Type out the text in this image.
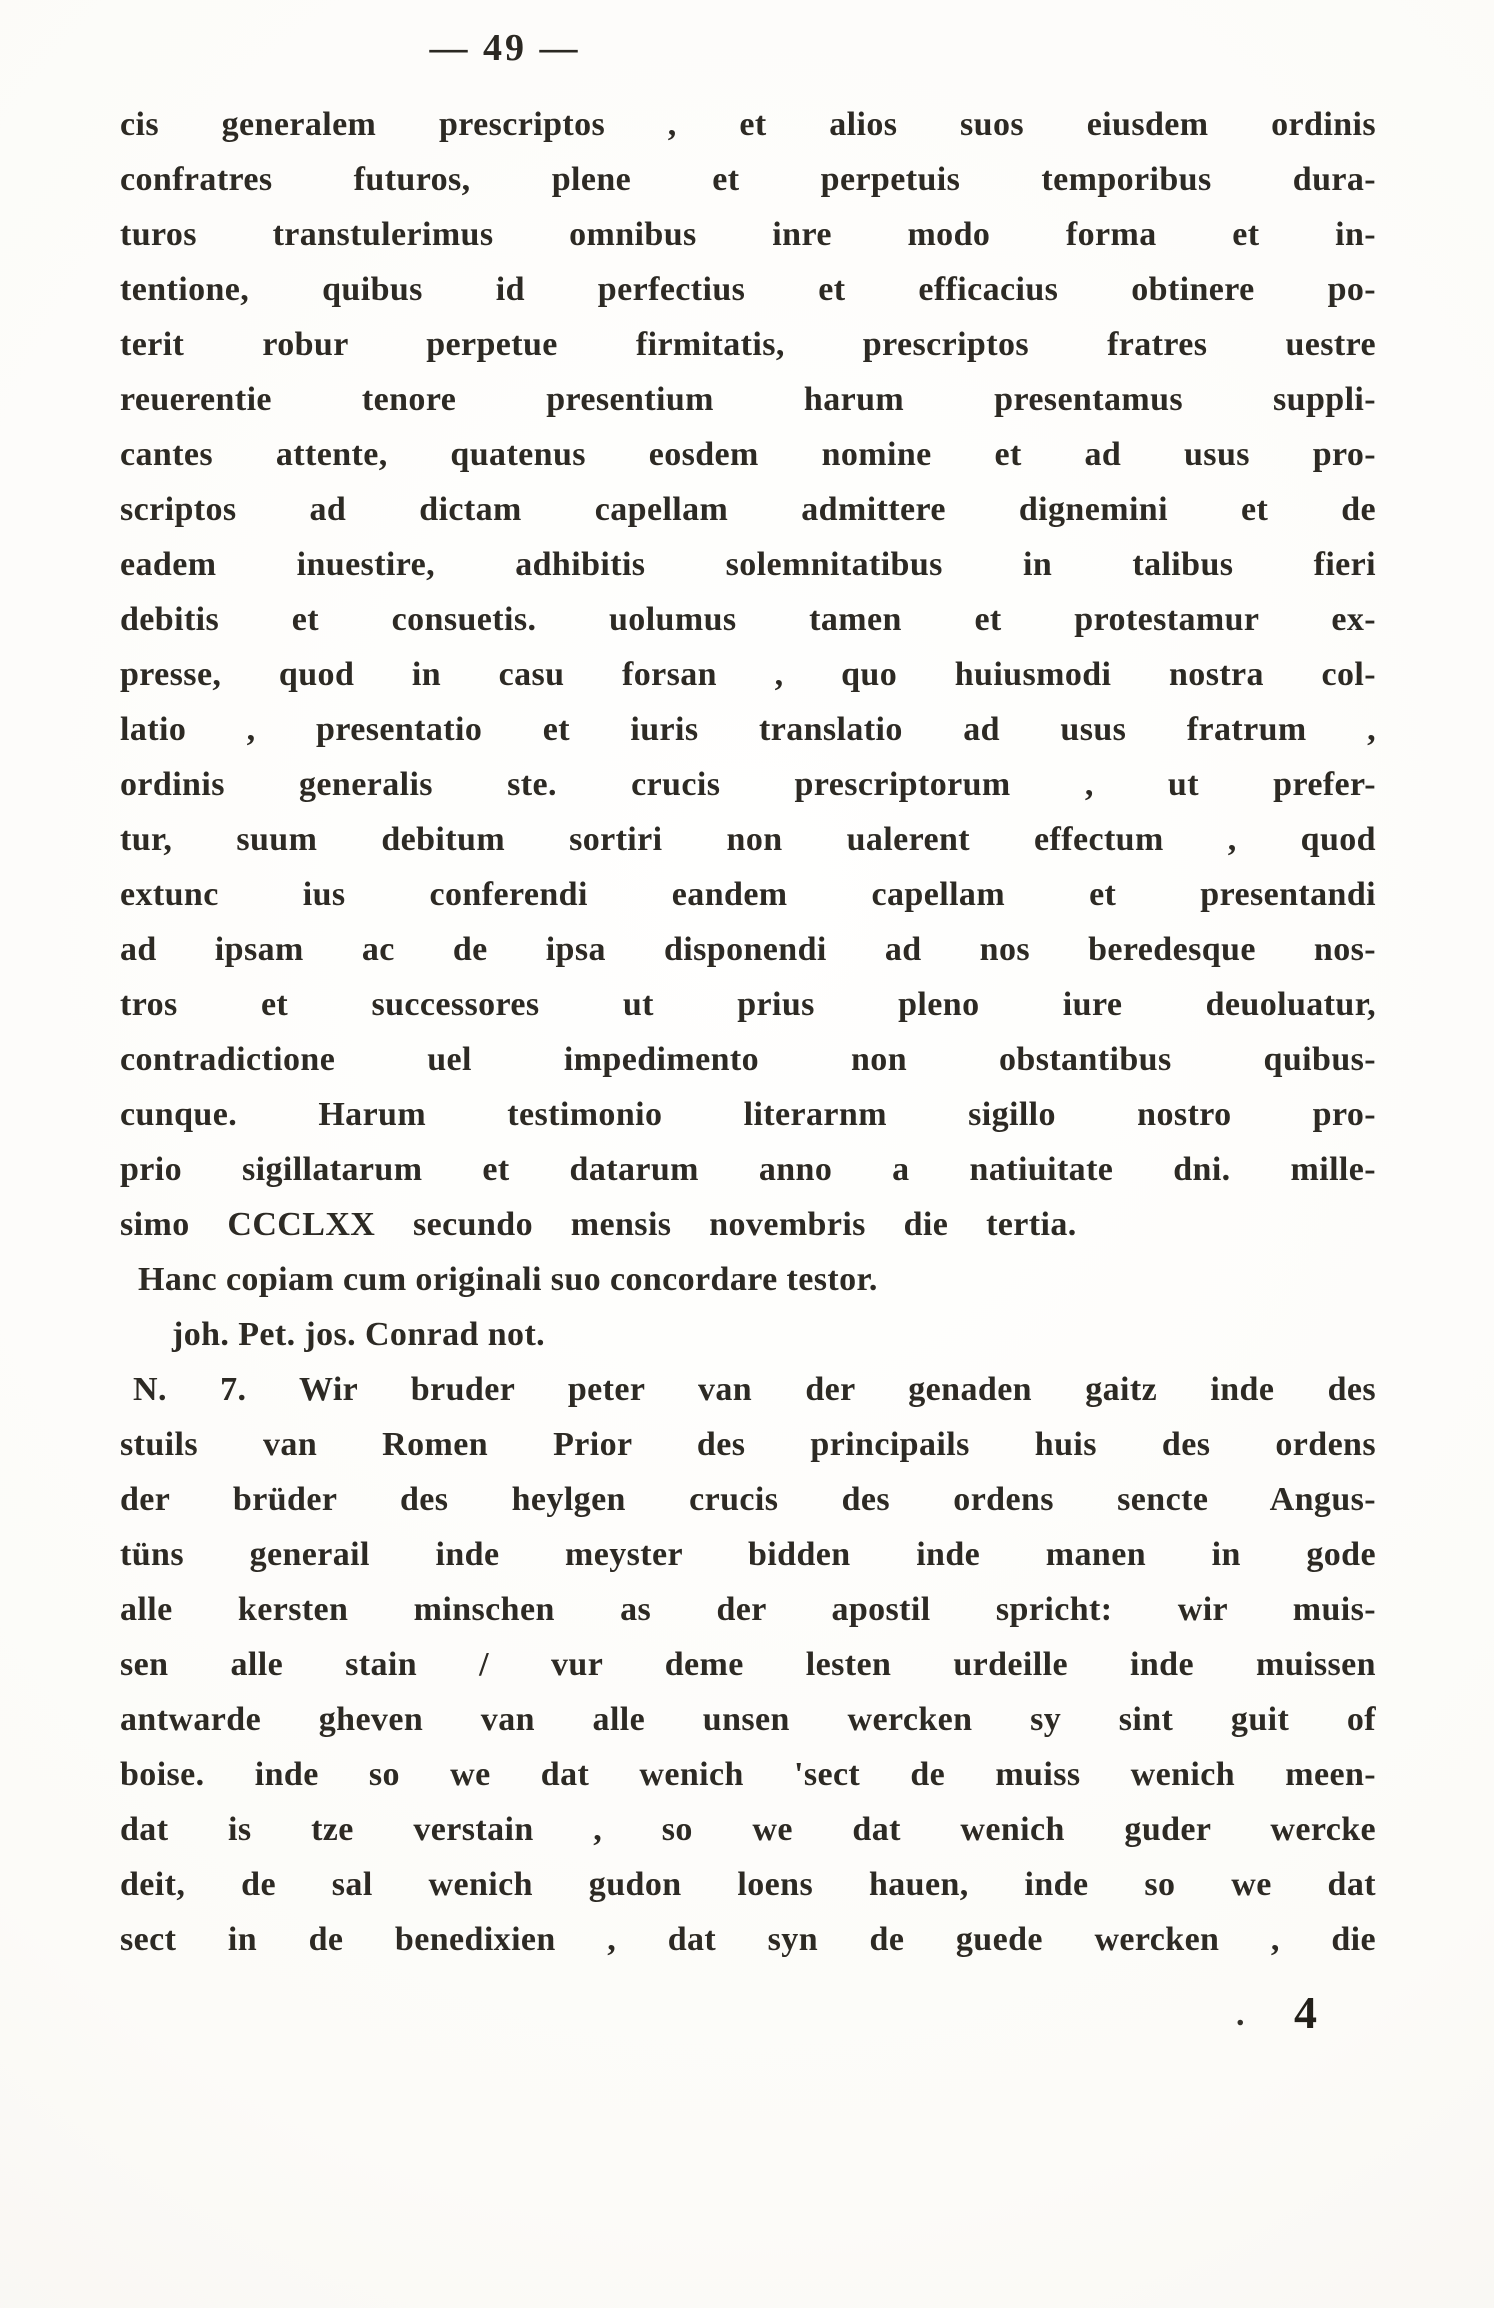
— 49 —
cis generalem prescriptos , et alios suos eiusdem ordinis
confratres futuros, plene et perpetuis temporibus dura-
turos transtulerimus omnibus inre modo forma et in-
tentione, quibus id perfectius et efficacius obtinere po-
terit robur perpetue firmitatis, prescriptos fratres uestre
reuerentie tenore presentium harum presentamus suppli-
cantes attente, quatenus eosdem nomine et ad usus pro-
scriptos ad dictam capellam admittere dignemini et de
eadem inuestire, adhibitis solemnitatibus in talibus fieri
debitis et consuetis. uolumus tamen et protestamur ex-
presse, quod in casu forsan , quo huiusmodi nostra col-
latio , presentatio et iuris translatio ad usus fratrum ,
ordinis generalis ste. crucis prescriptorum , ut prefer-
tur, suum debitum sortiri non ualerent effectum , quod
extunc ius conferendi eandem capellam et presentandi
ad ipsam ac de ipsa disponendi ad nos beredesque nos-
tros et successores ut prius pleno iure deuoluatur,
contradictione uel impedimento non obstantibus quibus-
cunque. Harum testimonio literarnm sigillo nostro pro-
prio sigillatarum et datarum anno a natiuitate dni. mille-
simo CCCLXX secundo mensis novembris die tertia.
Hanc copiam cum originali suo concordare testor.
joh. Pet. jos. Conrad not.
N. 7. Wir bruder peter van der genaden gaitz inde des
stuils van Romen Prior des principails huis des ordens
der brüder des heylgen crucis des ordens sencte Angus-
tüns generail inde meyster bidden inde manen in gode
alle kersten minschen as der apostil spricht: wir muis-
sen alle stain / vur deme lesten urdeille inde muissen
antwarde gheven van alle unsen wercken sy sint guit of
boise. inde so we dat wenich 'sect de muiss wenich meen-
dat is tze verstain , so we dat wenich guder wercke
deit, de sal wenich gudon loens hauen, inde so we dat
sect in de benedixien , dat syn de guede wercken , die
. 4
